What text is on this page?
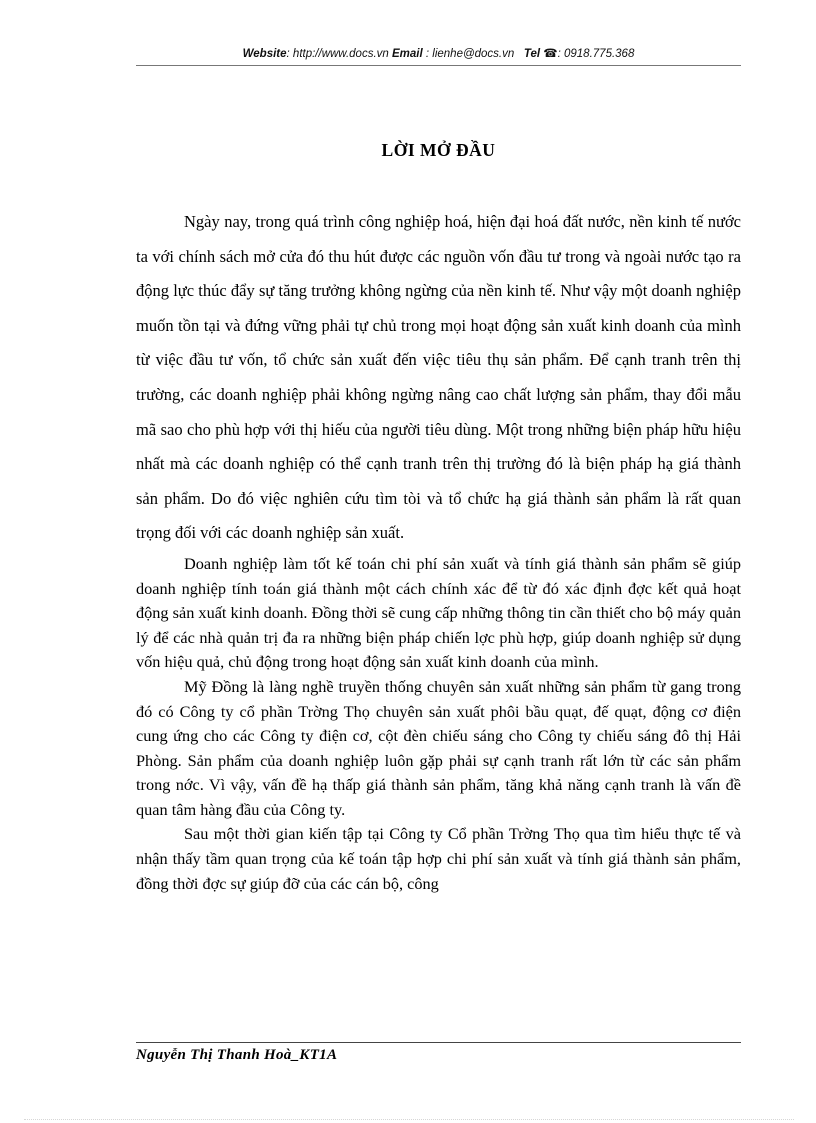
Website: http://www.docs.vn Email : lienhe@docs.vn Tel ☎: 0918.775.368
LỜI MỞ ĐẦU

Ngày nay, trong quá trình công nghiệp hoá, hiện đại hoá đất nước, nền kinh tế nước ta với chính sách mở cửa đó thu hút được các nguồn vốn đầu tư trong và ngoài nước tạo ra động lực thúc đẩy sự tăng trưởng không ngừng của nền kinh tế. Như vậy một doanh nghiệp muốn tồn tại và đứng vững phải tự chủ trong mọi hoạt động sản xuất kinh doanh của mình từ việc đầu tư vốn, tổ chức sản xuất đến việc tiêu thụ sản phẩm. Để cạnh tranh trên thị trường, các doanh nghiệp phải không ngừng nâng cao chất lượng sản phẩm, thay đổi mẫu mã sao cho phù hợp với thị hiếu của người tiêu dùng. Một trong những biện pháp hữu hiệu nhất mà các doanh nghiệp có thể cạnh tranh trên thị trường đó là biện pháp hạ giá thành sản phẩm. Do đó việc nghiên cứu tìm tòi và tổ chức hạ giá thành sản phẩm là rất quan trọng đối với các doanh nghiệp sản xuất.

Doanh nghiệp làm tốt kế toán chi phí sản xuất và tính giá thành sản phẩm sẽ giúp doanh nghiệp tính toán giá thành một cách chính xác để từ đó xác định đợc kết quả hoạt động sản xuất kinh doanh. Đồng thời sẽ cung cấp những thông tin cần thiết cho bộ máy quản lý để các nhà quản trị đa ra những biện pháp chiến lợc phù hợp, giúp doanh nghiệp sử dụng vốn hiệu quả, chủ động trong hoạt động sản xuất kinh doanh của mình.

Mỹ Đồng là làng nghề truyền thống chuyên sản xuất những sản phẩm từ gang trong đó có Công ty cổ phần Trờng Thọ chuyên sản xuất phôi bầu quạt, đế quạt, động cơ điện cung ứng cho các Công ty điện cơ, cột đèn chiếu sáng cho Công ty chiếu sáng đô thị Hải Phòng. Sản phẩm của doanh nghiệp luôn gặp phải sự cạnh tranh rất lớn từ các sản phẩm trong nớc. Vì vậy, vấn đề hạ thấp giá thành sản phẩm, tăng khả năng cạnh tranh là vấn đề quan tâm hàng đầu của Công ty.

Sau một thời gian kiến tập tại Công ty Cổ phần Trờng Thọ qua tìm hiểu thực tế và nhận thấy tầm quan trọng của kế toán tập hợp chi phí sản xuất và tính giá thành sản phẩm, đồng thời đợc sự giúp đỡ của các cán bộ, công

Nguyễn Thị Thanh Hoà_KT1A
